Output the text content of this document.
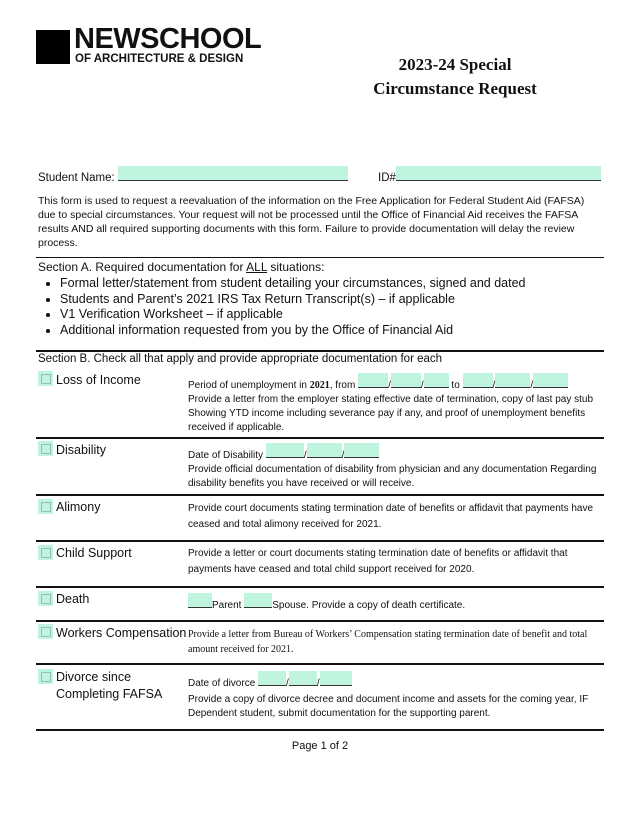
NEWSCHOOL
OF ARCHITECTURE & DESIGN	2023-24 Special
Circumstance Request
Student Name:	ID#
This form is used to request a reevaluation of the information on the Free Application for Federal Student Aid (FAFSA) due to special circumstances. Your request will not be processed until the Office of Financial Aid receives the FAFSA results AND all required supporting documents with this form. Failure to provide documentation will delay the review process.
Section A. Required documentation for ALL situations:
• Formal letter/statement from student detailing your circumstances, signed and dated
• Students and Parent’s 2021 IRS Tax Return Transcript(s) – if applicable
• V1 Verification Worksheet – if applicable
• Additional information requested from you by the Office of Financial Aid
Section B. Check all that apply and provide appropriate documentation for each
Loss of Income	Period of unemployment in 2021, from	/	/	to	/	/
Provide a letter from the employer stating effective date of termination, copy of last pay stub Showing YTD income including severance pay if any, and proof of unemployment benefits received if applicable.
Disability	Date of Disability	/	/
Provide official documentation of disability from physician and any documentation Regarding disability benefits you have received or will receive.
Alimony	Provide court documents stating termination date of benefits or affidavit that payments have ceased and total alimony received for 2021.
Child Support	Provide a letter or court documents stating termination date of benefits or affidavit that payments have ceased and total child support received for 2020.
Death	Parent	Spouse. Provide a copy of death certificate.
Workers Compensation Provide a letter from Bureau of Workers’ Compensation stating termination date of benefit and total amount received for 2021.
Divorce since
Completing FAFSA
Date of divorce	/	/
Provide a copy of divorce decree and document income and assets for the coming year, IF Dependent student, submit documentation for the supporting parent.
Page 1 of 2
